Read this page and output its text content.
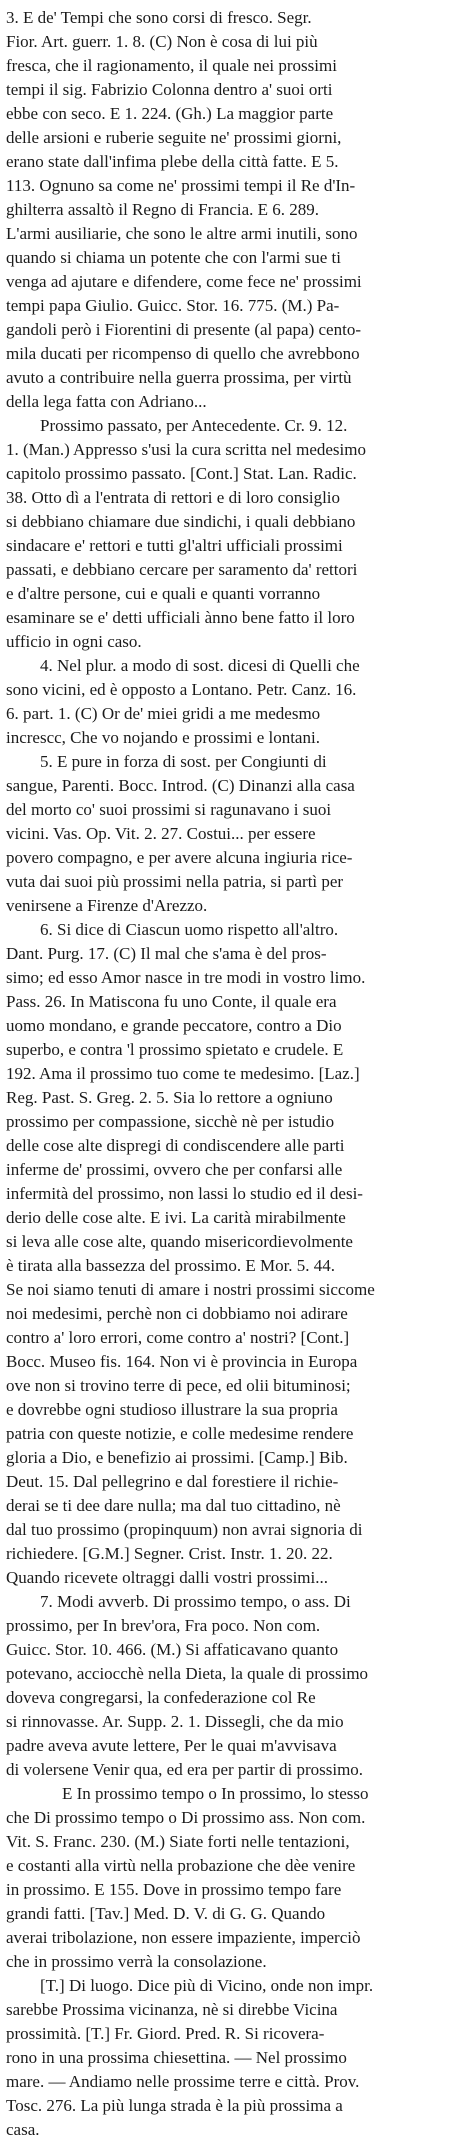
3. E de' Tempi che sono corsi di fresco. Segr.
Fior. Art. guerr. 1. 8. (C) Non è cosa di lui più
fresca, che il ragionamento, il quale nei prossimi
tempi il sig. Fabrizio Colonna dentro a' suoi orti
ebbe con seco. E 1. 224. (Gh.) La maggior parte
delle arsioni e ruberie seguite ne' prossimi giorni,
erano state dall'infima plebe della città fatte. E 5.
113. Ognuno sa come ne' prossimi tempi il Re d'In-
ghilterra assaltò il Regno di Francia. E 6. 289.
L'armi ausiliarie, che sono le altre armi inutili, sono
quando si chiama un potente che con l'armi sue ti
venga ad ajutare e difendere, come fece ne' prossimi
tempi papa Giulio. Guicc. Stor. 16. 775. (M.) Pa-
gandoli però i Fiorentini di presente (al papa) cento-
mila ducati per ricompenso di quello che avrebbono
avuto a contribuire nella guerra prossima, per virtù
della lega fatta con Adriano...
Prossimo passato, per Antecedente. Cr. 9. 12.
1. (Man.) Appresso s'usi la cura scritta nel medesimo
capitolo prossimo passato. [Cont.] Stat. Lan. Radic.
38. Otto dì a l'entrata di rettori e di loro consiglio
si debbiano chiamare due sindichi, i quali debbiano
sindacare e' rettori e tutti gl'altri ufficiali prossimi
passati, e debbiano cercare per saramento da' rettori
e d'altre persone, cui e quali e quanti vorranno
esaminare se e' detti ufficiali ànno bene fatto il loro
ufficio in ogni caso.
4. Nel plur. a modo di sost. dicesi di Quelli che
sono vicini, ed è opposto a Lontano. Petr. Canz. 16.
6. part. 1. (C) Or de' miei gridi a me medesmo
increscc, Che vo nojando e prossimi e lontani.
5. E pure in forza di sost. per Congiunti di
sangue, Parenti. Bocc. Introd. (C) Dinanzi alla casa
del morto co' suoi prossimi si ragunavano i suoi
vicini. Vas. Op. Vit. 2. 27. Costui... per essere
povero compagno, e per avere alcuna ingiuria rice-
vuta dai suoi più prossimi nella patria, si partì per
venirsene a Firenze d'Arezzo.
6. Si dice di Ciascun uomo rispetto all'altro.
Dant. Purg. 17. (C) Il mal che s'ama è del pros-
simo; ed esso Amor nasce in tre modi in vostro limo.
Pass. 26. In Matiscona fu uno Conte, il quale era
uomo mondano, e grande peccatore, contro a Dio
superbo, e contra 'l prossimo spietato e crudele. E
192. Ama il prossimo tuo come te medesimo. [Laz.]
Reg. Past. S. Greg. 2. 5. Sia lo rettore a ogniuno
prossimo per compassione, sicchè nè per istudio
delle cose alte dispregi di condiscendere alle parti
inferme de' prossimi, ovvero che per confarsi alle
infermità del prossimo, non lassi lo studio ed il desi-
derio delle cose alte. E ivi. La carità mirabilmente
si leva alle cose alte, quando misericordievolmente
è tirata alla bassezza del prossimo. E Mor. 5. 44.
Se noi siamo tenuti di amare i nostri prossimi siccome
noi medesimi, perchè non ci dobbiamo noi adirare
contro a' loro errori, come contro a' nostri? [Cont.]
Bocc. Museo fis. 164. Non vi è provincia in Europa
ove non si trovino terre di pece, ed olii bituminosi;
e dovrebbe ogni studioso illustrare la sua propria
patria con queste notizie, e colle medesime rendere
gloria a Dio, e benefizio ai prossimi. [Camp.] Bib.
Deut. 15. Dal pellegrino e dal forestiere il richie-
derai se ti dee dare nulla; ma dal tuo cittadino, nè
dal tuo prossimo (propinquum) non avrai signoria di
richiedere. [G.M.] Segner. Crist. Instr. 1. 20. 22.
Quando ricevete oltraggi dalli vostri prossimi...
7. Modi avverb. Di prossimo tempo, o ass. Di
prossimo, per In brev'ora, Fra poco. Non com.
Guicc. Stor. 10. 466. (M.) Si affaticavano quanto
potevano, acciocchè nella Dieta, la quale di prossimo
doveva congregarsi, la confederazione col Re
si rinnovasse. Ar. Supp. 2. 1. Dissegli, che da mio
padre aveva avute lettere, Per le quai m'avvisava
di volersene Venir qua, ed era per partir di prossimo.
E In prossimo tempo o In prossimo, lo stesso
che Di prossimo tempo o Di prossimo ass. Non com.
Vit. S. Franc. 230. (M.) Siate forti nelle tentazioni,
e costanti alla virtù nella probazione che dèe venire
in prossimo. E 155. Dove in prossimo tempo fare
grandi fatti. [Tav.] Med. D. V. di G. G. Quando
averai tribolazione, non essere impaziente, imperciò
che in prossimo verrà la consolazione.
[T.] Di luogo. Dice più di Vicino, onde non impr.
sarebbe Prossima vicinanza, nè si direbbe Vicina
prossimità. [T.] Fr. Giord. Pred. R. Si ricovera-
rono in una prossima chiesettina. — Nel prossimo
mare. — Andiamo nelle prossime terre e città. Prov.
Tosc. 276. La più lunga strada è la più prossima a
casa.
